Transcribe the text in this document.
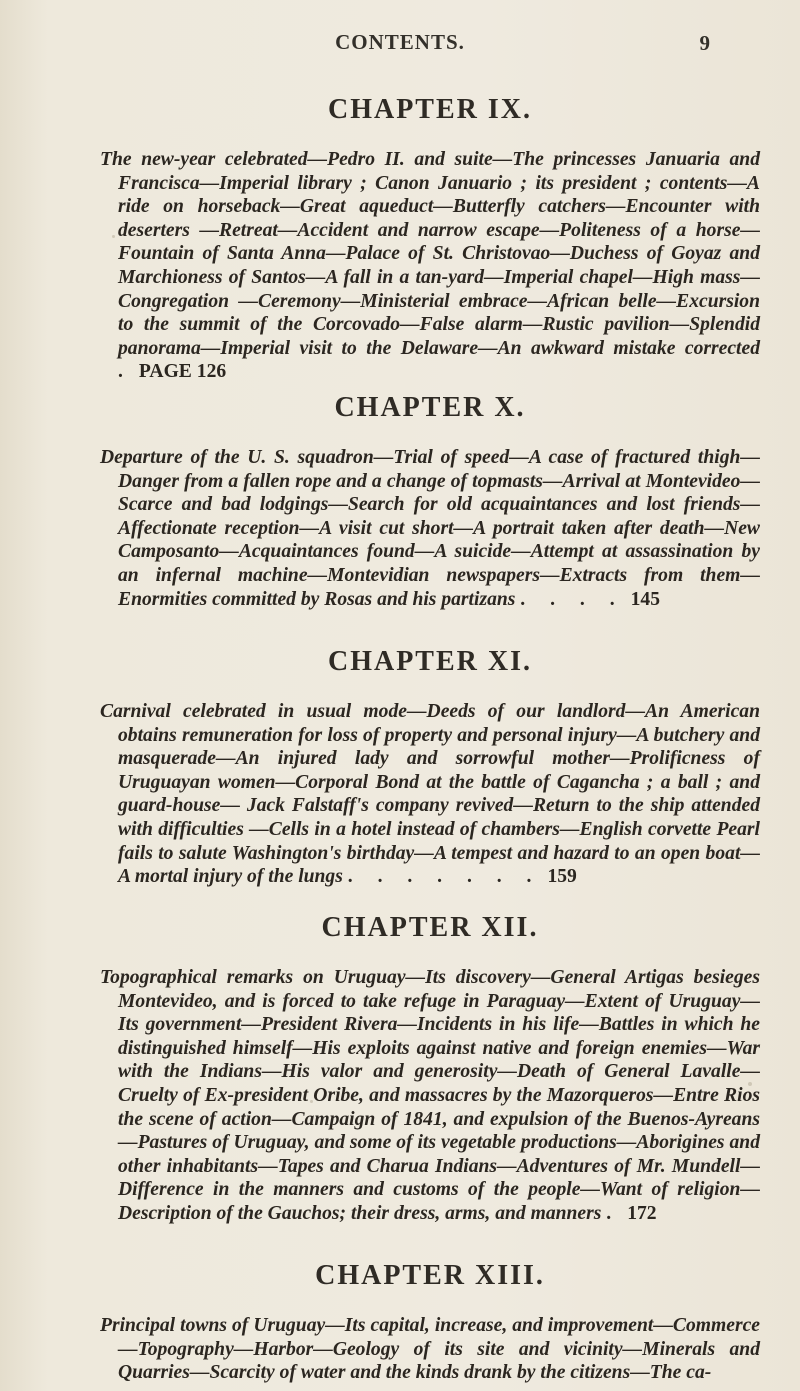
CONTENTS.	9
CHAPTER IX.

The new-year celebrated—Pedro II. and suite—The princesses Januaria and Francisca—Imperial library ; Canon Januario ; its president ; contents—A ride on horseback—Great aqueduct—Butterfly catchers—Encounter with deserters —Retreat—Accident and narrow escape—Politeness of a horse—Fountain of Santa Anna—Palace of St. Christovao—Duchess of Goyaz and Marchioness of Santos—A fall in a tan-yard—Imperial chapel—High mass—Congregation —Ceremony—Ministerial embrace—African belle—Excursion to the summit of the Corcovado—False alarm—Rustic pavilion—Splendid panorama—Imperial visit to the Delaware—An awkward mistake corrected . PAGE 126

CHAPTER X.

Departure of the U. S. squadron—Trial of speed—A case of fractured thigh— Danger from a fallen rope and a change of topmasts—Arrival at Montevideo— Scarce and bad lodgings—Search for old acquaintances and lost friends— Affectionate reception—A visit cut short—A portrait taken after death—New Camposanto—Acquaintances found—A suicide—Attempt at assassination by an infernal machine—Montevidian newspapers—Extracts from them—Enormities committed by Rosas and his partizans . . . . 145

CHAPTER XI.

Carnival celebrated in usual mode—Deeds of our landlord—An American obtains remuneration for loss of property and personal injury—A butchery and masquerade—An injured lady and sorrowful mother—Prolificness of Uruguayan women—Corporal Bond at the battle of Cagancha ; a ball ; and guard-house— Jack Falstaff's company revived—Return to the ship attended with difficulties —Cells in a hotel instead of chambers—English corvette Pearl fails to salute Washington's birthday—A tempest and hazard to an open boat—A mortal injury of the lungs . . . . . . . 159

CHAPTER XII.

Topographical remarks on Uruguay—Its discovery—General Artigas besieges Montevideo, and is forced to take refuge in Paraguay—Extent of Uruguay— Its government—President Rivera—Incidents in his life—Battles in which he distinguished himself—His exploits against native and foreign enemies—War with the Indians—His valor and generosity—Death of General Lavalle— Cruelty of Ex-president Oribe, and massacres by the Mazorqueros—Entre Rios the scene of action—Campaign of 1841, and expulsion of the Buenos-Ayreans—Pastures of Uruguay, and some of its vegetable productions—Aborigines and other inhabitants—Tapes and Charua Indians—Adventures of Mr. Mundell—Difference in the manners and customs of the people—Want of religion—Description of the Gauchos; their dress, arms, and manners . 172

CHAPTER XIII.

Principal towns of Uruguay—Its capital, increase, and improvement—Commerce —Topography—Harbor—Geology of its site and vicinity—Minerals and Quarries—Scarcity of water and the kinds drank by the citizens—The ca-
